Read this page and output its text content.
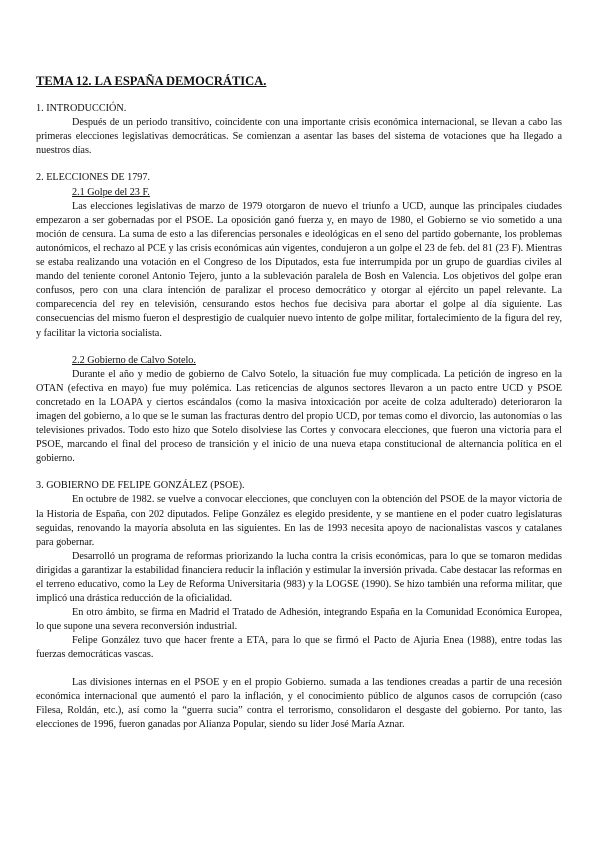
TEMA 12. LA ESPAÑA DEMOCRÁTICA.
1. INTRODUCCIÓN.

Después de un periodo transitivo, coincidente con una importante crisis económica internacional, se llevan a cabo las primeras elecciones legislativas democráticas. Se comienzan a asentar las bases del sistema de votaciones que ha llegado a nuestros días.

2. ELECCIONES DE 1797.
2.1 Golpe del 23 F.

Las elecciones legislativas de marzo de 1979 otorgaron de nuevo el triunfo a UCD, aunque las principales ciudades empezaron a ser gobernadas por el PSOE. La oposición ganó fuerza y, en mayo de 1980, el Gobierno se vio sometido a una moción de censura. La suma de esto a las diferencias personales e ideológicas en el seno del partido gobernante, los problemas autonómicos, el rechazo al PCE y las crisis económicas aún vigentes, condujeron a un golpe el 23 de feb. del 81 (23 F). Mientras se estaba realizando una votación en el Congreso de los Diputados, esta fue interrumpida por un grupo de guardias civiles al mando del teniente coronel Antonio Tejero, junto a la sublevación paralela de Bosh en Valencia. Los objetivos del golpe eran confusos, pero con una clara intención de paralizar el proceso democrático y otorgar al ejército un papel relevante. La comparecencia del rey en televisión, censurando estos hechos fue decisiva para abortar el golpe al día siguiente. Las consecuencias del mismo fueron el desprestigio de cualquier nuevo intento de golpe militar, fortalecimiento de la figura del rey, y facilitar la victoria socialista.

2.2 Gobierno de Calvo Sotelo.

Durante el año y medio de gobierno de Calvo Sotelo, la situación fue muy complicada. La petición de ingreso en la OTAN (efectiva en mayo) fue muy polémica. Las reticencias de algunos sectores llevaron a un pacto entre UCD y PSOE concretado en la LOAPA y ciertos escándalos (como la masiva intoxicación por aceite de colza adulterado) deterioraron la imagen del gobierno, a lo que se le suman las fracturas dentro del propio UCD, por temas como el divorcio, las autonomías o las televisiones privados. Todo esto hizo que Sotelo disolviese las Cortes y convocara elecciones, que fueron una victoria para el PSOE, marcando el final del proceso de transición y el inicio de una nueva etapa constitucional de alternancia política en el gobierno.

3. GOBIERNO DE FELIPE GONZÁLEZ (PSOE).

En octubre de 1982. se vuelve a convocar elecciones, que concluyen con la obtención del PSOE de la mayor victoria de la Historia de España, con 202 diputados. Felipe González es elegido presidente, y se mantiene en el poder cuatro legislaturas seguidas, renovando la mayoría absoluta en las siguientes. En las de 1993 necesita apoyo de nacionalistas vascos y catalanes para gobernar.

Desarrolló un programa de reformas priorizando la lucha contra la crisis económicas, para lo que se tomaron medidas dirigidas a garantizar la estabilidad financiera reducir la inflación y estimular la inversión privada. Cabe destacar las reformas en el terreno educativo, como la Ley de Reforma Universitaria (983) y la LOGSE (1990). Se hizo también una reforma militar, que implicó una drástica reducción de la oficialidad.

En otro ámbito, se firma en Madrid el Tratado de Adhesión, integrando España en la Comunidad Económica Europea, lo que supone una severa reconversión industrial.

Felipe González tuvo que hacer frente a ETA, para lo que se firmó el Pacto de Ajuria Enea (1988), entre todas las fuerzas democráticas vascas.

Las divisiones internas en el PSOE y en el propio Gobierno. sumada a las tendiones creadas a partir de una recesión económica internacional que aumentó el paro la inflación, y el conocimiento público de algunos casos de corrupción (caso Filesa, Roldán, etc.), así como la “guerra sucia” contra el terrorismo, consolidaron el desgaste del gobierno. Por tanto, las elecciones de 1996, fueron ganadas por Alianza Popular, siendo su líder José María Aznar.
